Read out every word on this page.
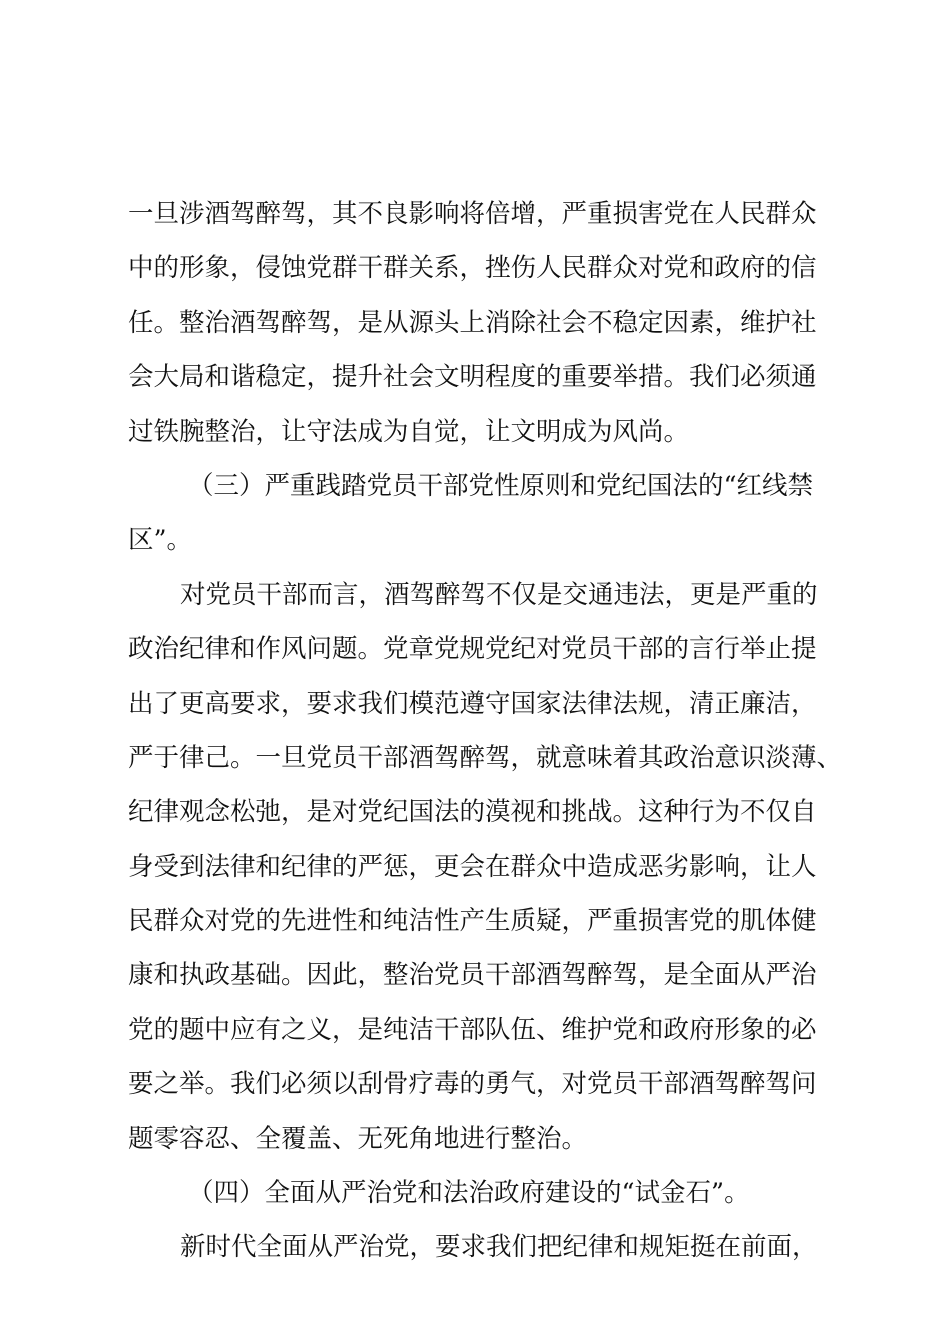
一旦涉酒驾醉驾，其不良影响将倍增，严重损害党在人民群众
中的形象，侵蚀党群干群关系，挫伤人民群众对党和政府的信
任。整治酒驾醉驾，是从源头上消除社会不稳定因素，维护社
会大局和谐稳定，提升社会文明程度的重要举措。我们必须通
过铁腕整治，让守法成为自觉，让文明成为风尚。
（三）严重践踏党员干部党性原则和党纪国法的“红线禁
区”。
对党员干部而言，酒驾醉驾不仅是交通违法，更是严重的
政治纪律和作风问题。党章党规党纪对党员干部的言行举止提
出了更高要求，要求我们模范遵守国家法律法规，清正廉洁，
严于律己。一旦党员干部酒驾醉驾，就意味着其政治意识淡薄、
纪律观念松弛，是对党纪国法的漠视和挑战。这种行为不仅自
身受到法律和纪律的严惩，更会在群众中造成恶劣影响，让人
民群众对党的先进性和纯洁性产生质疑，严重损害党的肌体健
康和执政基础。因此，整治党员干部酒驾醉驾，是全面从严治
党的题中应有之义，是纯洁干部队伍、维护党和政府形象的必
要之举。我们必须以刮骨疗毒的勇气，对党员干部酒驾醉驾问
题零容忍、全覆盖、无死角地进行整治。
（四）全面从严治党和法治政府建设的“试金石”。
新时代全面从严治党，要求我们把纪律和规矩挺在前面，
